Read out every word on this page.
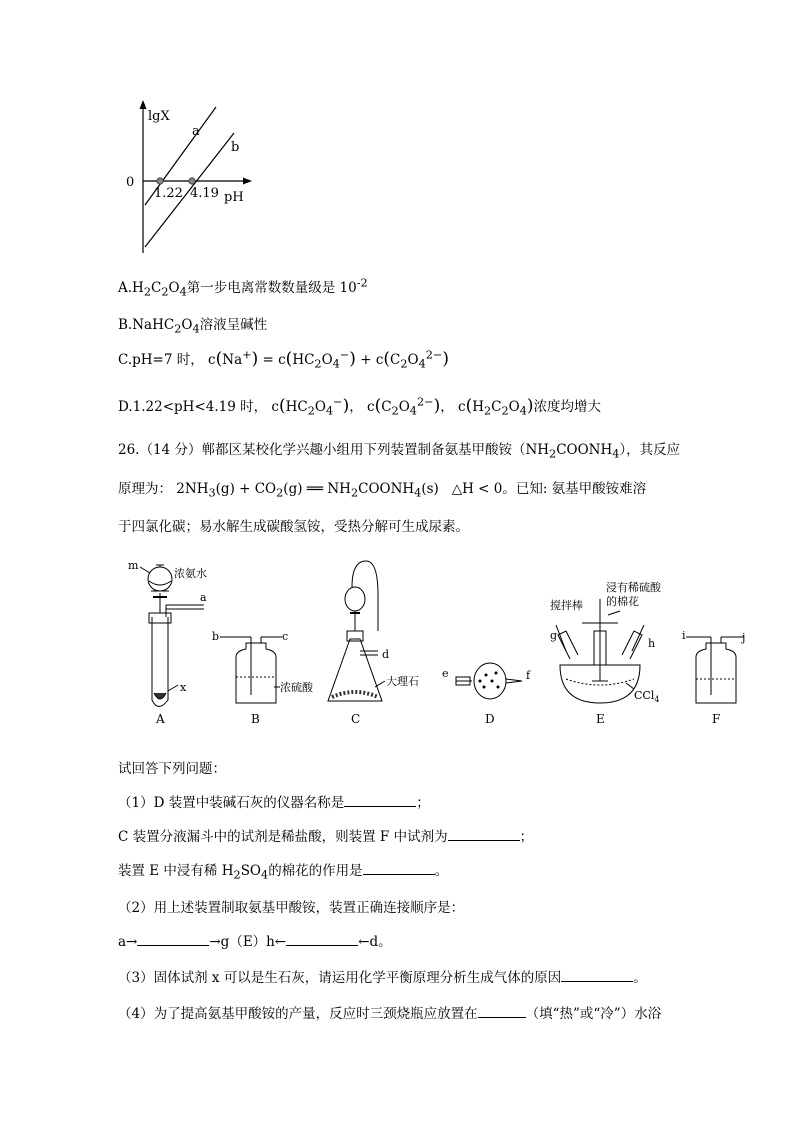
lgX
a
b
0
1.22 4.19 pH
$A.H_2C_2O_4$第一步电离常数数量级是 $10^{-2}$
$B.NaHC_2O_4$溶液呈碱性
C.pH=7 时， $c(Na^+) = c(HC_2O_4^-) + c(C_2O_4^{2-})$
D.1.22<pH<4.19 时， $c(HC_2O_4^-)$， $c(C_2O_4^{2-})$， $c(H_2C_2O_4)$浓度均增大
26.（14 分）郸都区某校化学兴趣小组用下列装置制备氨基甲酸铵$(NH_2COONH_4)$，其反应
原理为： $2NH_3(g) + CO_2(g)$ ══ $NH_2COONH_4(s)$ △H < 0。已知: 氨基甲酸铵难溶
于四氯化碳；易水解生成碳酸氢铵，受热分解可生成尿素。
m
浓氨水
a
x
b	c
浓硫酸
d
大理石
e	f
搅拌棒
浸有稀硫酸
的棉花
g
h
CCl$_4$
i	j
A	B	C	D	E	F
试回答下列问题：
（1）D 装置中装碱石灰的仪器名称是	；
C 装置分液漏斗中的试剂是稀盐酸，则装置 F 中试剂为	；
装置 E 中浸有稀 $H_2SO_4$的棉花的作用是	。
（2）用上述装置制取氨基甲酸铵，装置正确连接顺序是：
a→	→g（E）h←	←d。
（3）固体试剂 x 可以是生石灰，请运用化学平衡原理分析生成气体的原因	。
（4）为了提高氨基甲酸铵的产量，反应时三颈烧瓶应放置在	（填“热”或“冷”）水浴
